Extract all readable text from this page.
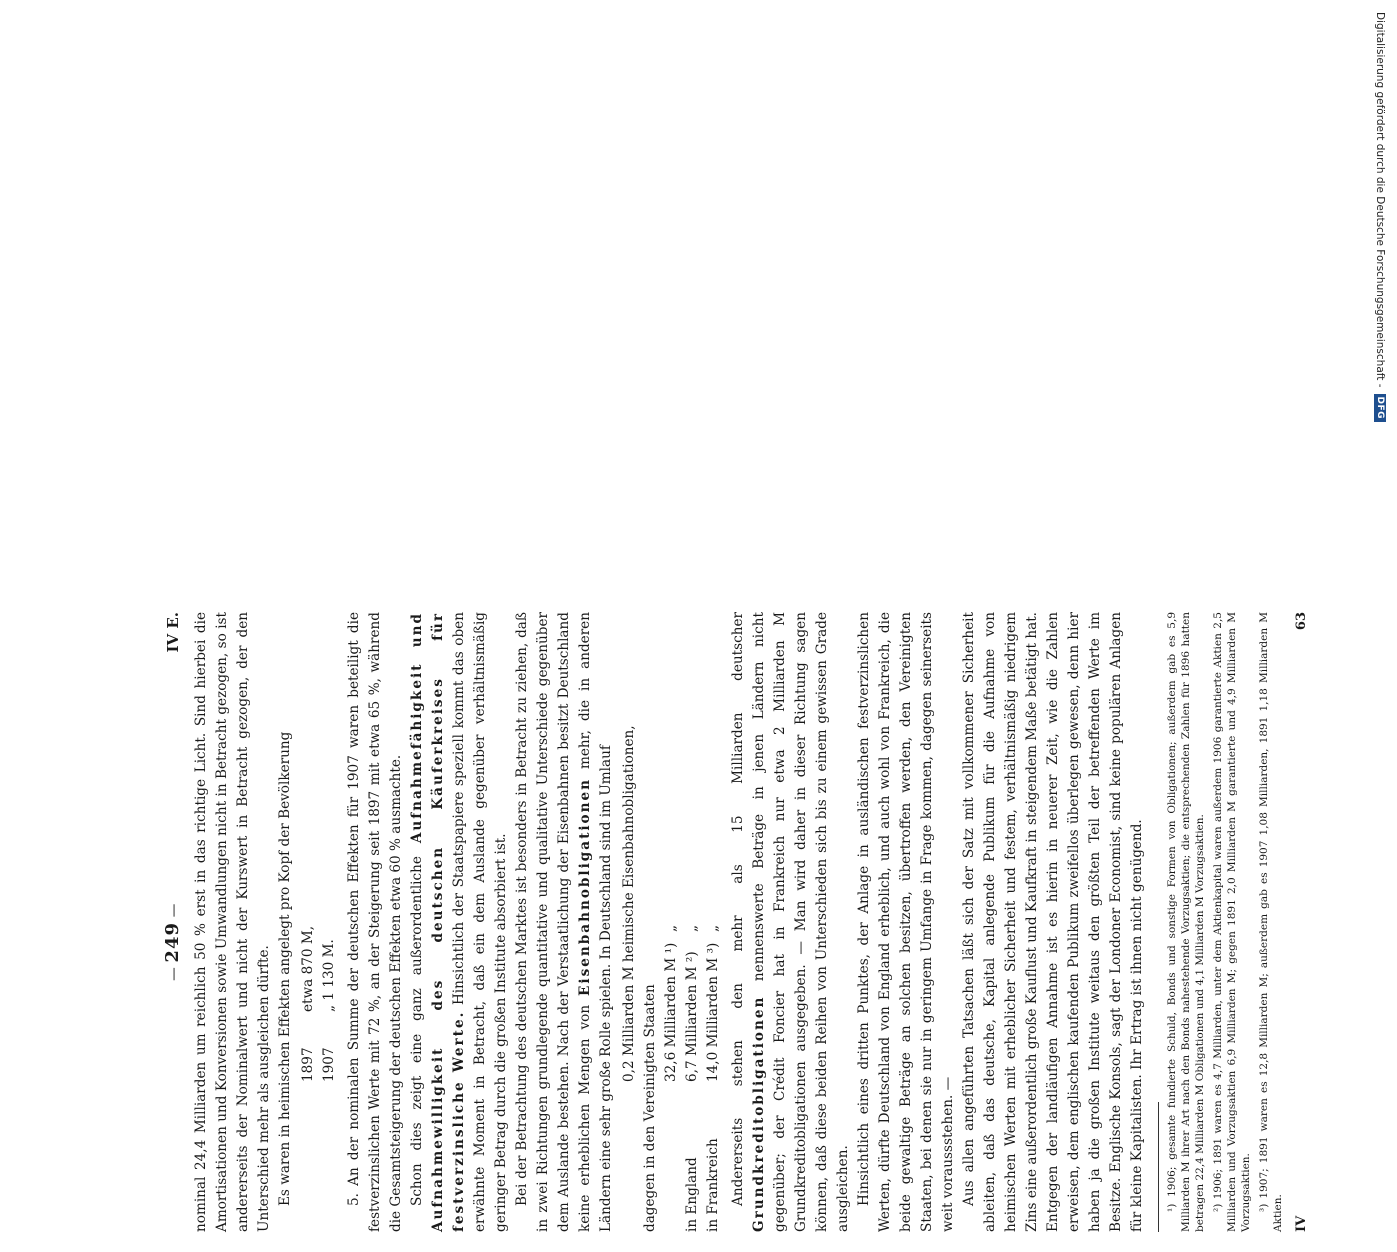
— 249 —
IV E. nominal 24,4 Milliarden um reichlich 50 % erst in das richtige Licht. Sind hierbei die Amortisationen und Konversionen sowie Umwandlungen nicht in Betracht gezogen, so ist andererseits der Nominalwert und nicht der Kurswert in Betracht gezogen, der den Unterschied mehr als ausgleichen dürfte. Es waren in heimischen Effekten angelegt pro Kopf der Bevölkerung 1897
etwa 870 M,
1907
„ 1 130 M. 5. An der nominalen Summe der deutschen Effekten für 1907 waren beteiligt die festverzinslichen Werte mit 72 %, an der Steigerung seit 1897 mit etwa 65 %, während die Gesamtsteigerung der deutschen Effekten etwa 60 % ausmachte. Schon dies zeigt eine ganz außerordentliche Aufnahmefähigkeit und Aufnahmewilligkeit des deutschen Käuferkreises für festverzinsliche Werte. Hinsichtlich der Staatspapiere speziell kommt das oben erwähnte Moment in Betracht, daß ein dem Auslande gegenüber verhältnismäßig geringer Betrag durch die großen Institute absorbiert ist. Bei der Betrachtung des deutschen Marktes ist besonders in Betracht zu ziehen, daß in zwei Richtungen grundlegende quantitative und qualitative Unterschiede gegenüber dem Auslande bestehen. Nach der Verstaatlichung der Eisenbahnen besitzt Deutschland keine erheblichen Mengen von Eisenbahnobligationen mehr, die in anderen Ländern eine sehr große Rolle spielen. In Deutschland sind im Umlauf 0,2 Milliarden M heimische Eisenbahnobligationen,
dagegen in den Vereinigten Staaten 32,6 Milliarden M ¹)
„
in England
6,7 Milliarden M ²)
„
in Frankreich
14,0 Milliarden M ³)
„ Andererseits stehen den mehr als 15 Milliarden deutscher Grundkreditobligationen nennenswerte Beträge in jenen Ländern nicht gegenüber; der Crédit Foncier hat in Frankreich nur etwa 2 Milliarden M Grundkreditobligationen ausgegeben. — Man wird daher in dieser Richtung sagen können, daß diese beiden Reihen von Unterschieden sich bis zu einem gewissen Grade ausgleichen. Hinsichtlich eines dritten Punktes, der Anlage in ausländischen festverzinslichen Werten, dürfte Deutschland von England erheblich, und auch wohl von Frankreich, die beide gewaltige Beträge an solchen besitzen, übertroffen werden, den Vereinigten Staaten, bei denen sie nur in geringem Umfange in Frage kommen, dagegen seinerseits weit voraussstehen. — Aus allen angeführten Tatsachen läßt sich der Satz mit vollkommener Sicherheit ableiten, daß das deutsche, Kapital anlegende Publikum für die Aufnahme von heimischen Werten mit erheblicher Sicherheit und festem, verhältnismäßig niedrigem Zins eine außerordentlich große Kauflust und Kaufkraft in steigendem Maße betätigt hat. Entgegen der landläufigen Annahme ist es hierin in neuerer Zeit, wie die Zahlen erweisen, dem englischen kaufenden Publikum zweifellos überlegen gewesen, denn hier haben ja die großen Institute weitaus den größten Teil der betreffenden Werte im Besitze. Englische Konsols, sagt der Londoner Economist, sind keine populären Anlagen für kleine Kapitalisten. Ihr Ertrag ist ihnen nicht genügend. ¹) 1906; gesamte fundierte Schuld, Bonds und sonstige Formen von Obligationen; außerdem gab es 5,9 Milliarden M ihrer Art nach den Bonds nahestehende Vorzugsaktien; die entsprechenden Zahlen für 1896 hatten betragen 22,4 Milliarden M Obligationen und 4,1 Milliarden M Vorzugsaktien. ²) 1906; 1891 waren es 4,7 Milliarden, unter dem Aktienkapital waren außerdem 1906 garantierte Aktien 2,5 Milliarden und Vorzugsaktien 6,9 Milliarden M; gegen 1891 2,0 Milliarden M garantierte und 4,9 Milliarden M Vorzugsaktien. ³) 1907; 1891 waren es 12,8 Milliarden M; außerdem gab es 1907 1,08 Milliarden, 1891 1,18 Milliarden M Aktien. IV
63
Digitalisierung gefördert durch die Deutsche Forschungsgemeinschaft -
DFG
